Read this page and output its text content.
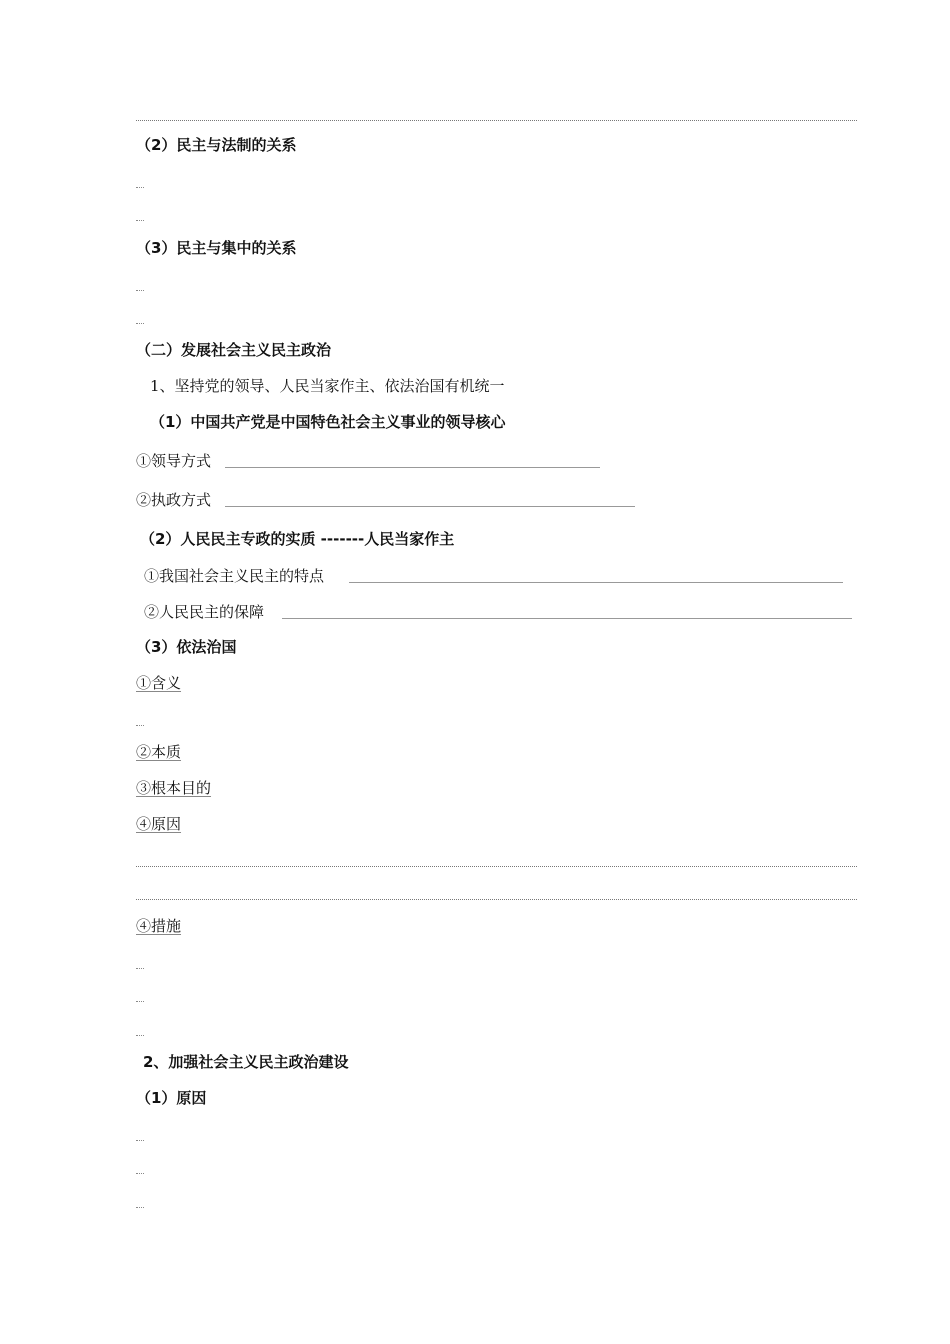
（2）民主与法制的关系
（3）民主与集中的关系
（二）发展社会主义民主政治
1、坚持党的领导、人民当家作主、依法治国有机统一
（1）中国共产党是中国特色社会主义事业的领导核心
①领导方式
②执政方式
（2）人民民主专政的实质 -------人民当家作主
①我国社会主义民主的特点
②人民民主的保障
（3）依法治国
①含义
②本质
③根本目的
④原因
④措施
2、加强社会主义民主政治建设
（1）原因
